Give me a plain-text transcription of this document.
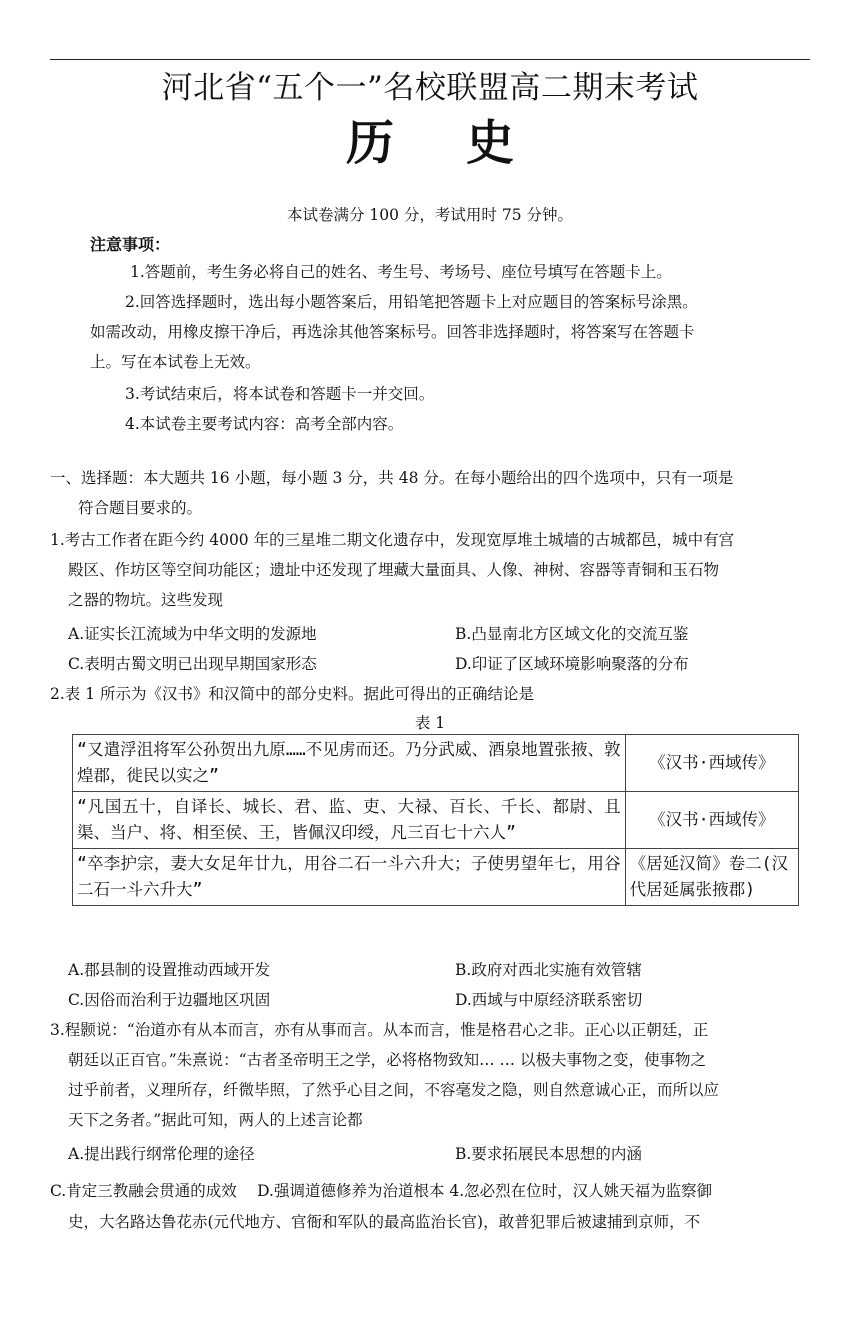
河北省“五个一”名校联盟高二期末考试
历史
本试卷满分 100 分，考试用时 75 分钟。
注意事项：
1.答题前，考生务必将自己的姓名、考生号、考场号、座位号填写在答题卡上。
2.回答选择题时，选出每小题答案后，用铅笔把答题卡上对应题目的答案标号涂黑。
如需改动，用橡皮擦干净后，再选涂其他答案标号。回答非选择题时，将答案写在答题卡
上。写在本试卷上无效。
3.考试结束后，将本试卷和答题卡一并交回。
4.本试卷主要考试内容：高考全部内容。
一、选择题：本大题共 16 小题，每小题 3 分，共 48 分。在每小题给出的四个选项中，只有一项是
符合题目要求的。
1.考古工作者在距今约 4000 年的三星堆二期文化遗存中，发现宽厚堆土城墙的古城都邑，城中有宫
殿区、作坊区等空间功能区；遗址中还发现了埋藏大量面具、人像、神树、容器等青铜和玉石物
之器的物坑。这些发现
A.证实长江流域为中华文明的发源地	B.凸显南北方区域文化的交流互鉴
C.表明古蜀文明已出现早期国家形态	D.印证了区域环境影响聚落的分布
2.表 1 所示为《汉书》和汉简中的部分史料。据此可得出的正确结论是
表 1
“又遣浮沮将军公孙贺出九原……不见虏而还。乃分武威、酒泉地置张掖、敦煌郡，徙民以实之”	《汉书·西域传》
“凡国五十，自译长、城长、君、监、吏、大禄、百长、千长、都尉、且渠、当户、将、相至侯、王，皆佩汉印绶，凡三百七十六人”	《汉书·西域传》
“卒李护宗，妻大女足年廿九，用谷二石一斗六升大；子使男望年七，用谷二石一斗六升大”	《居延汉简》卷二(汉代居延属张掖郡)
A.郡县制的设置推动西域开发	B.政府对西北实施有效管辖
C.因俗而治利于边疆地区巩固	D.西域与中原经济联系密切
3.程颢说：“治道亦有从本而言，亦有从事而言。从本而言，惟是格君心之非。正心以正朝廷，正
朝廷以正百官。”朱熹说：“古者圣帝明王之学，必将格物致知… … 以极夫事物之变，使事物之
过乎前者，义理所存，纤微毕照，了然乎心目之间，不容毫发之隐，则自然意诚心正，而所以应
天下之务者。”据此可知，两人的上述言论都
A.提出践行纲常伦理的途径	B.要求拓展民本思想的内涵
C.肯定三教融会贯通的成效　 D.强调道德修养为治道根本 4.忽必烈在位时，汉人姚天福为监察御
史，大名路达鲁花赤(元代地方、官衙和军队的最高监治长官)，敢普犯罪后被逮捕到京师，不
